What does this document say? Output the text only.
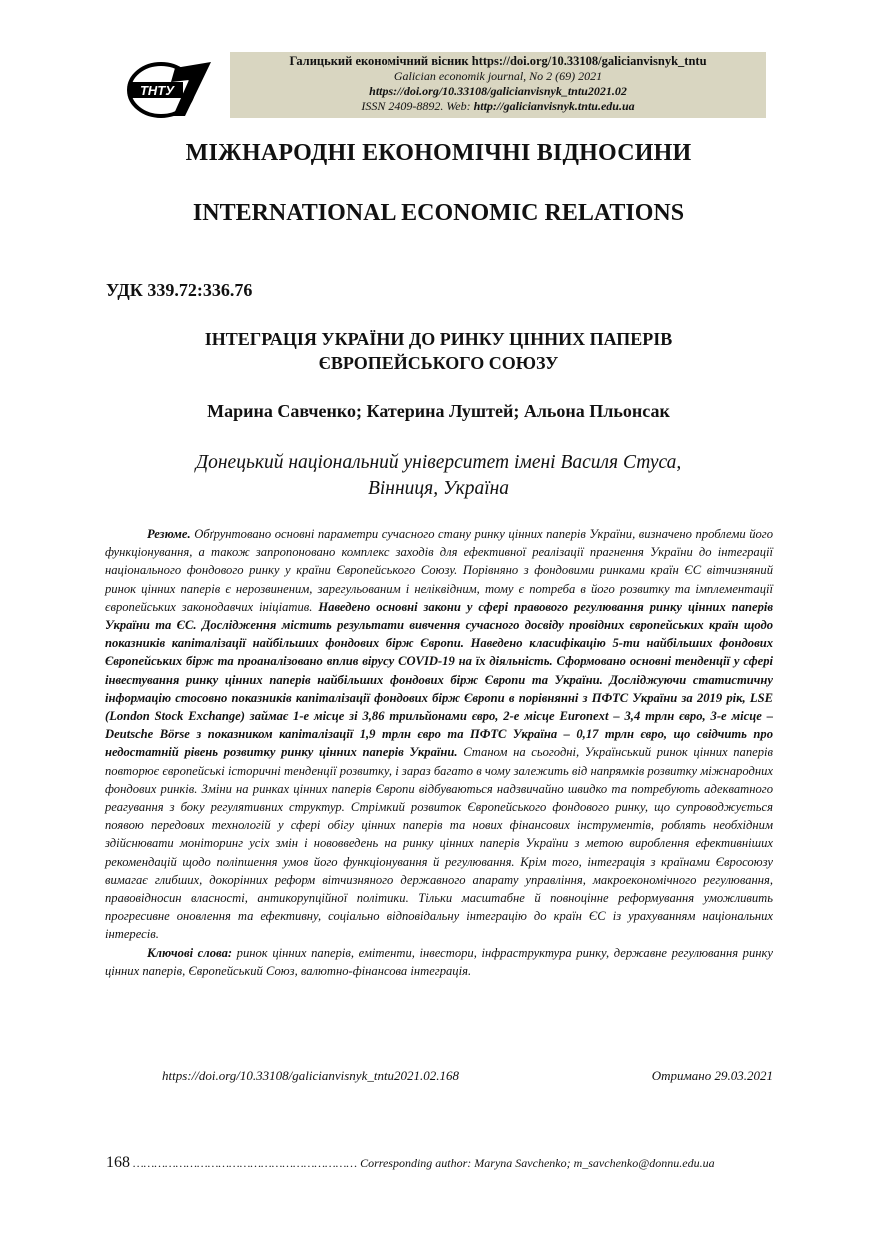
ТНТУ
Галицький економічний вісник https://doi.org/10.33108/galicianvisnyk_tntu
Galician economik journal, No 2 (69) 2021
https://doi.org/10.33108/galicianvisnyk_tntu2021.02
ISSN 2409-8892. Web: http://galicianvisnyk.tntu.edu.ua
МІЖНАРОДНІ ЕКОНОМІЧНІ ВІДНОСИНИ
INTERNATIONAL ECONOMIC RELATIONS
УДК 339.72:336.76
ІНТЕГРАЦІЯ УКРАЇНИ ДО РИНКУ ЦІННИХ ПАПЕРІВ
ЄВРОПЕЙСЬКОГО СОЮЗУ
Марина Савченко; Катерина Луштей; Альона Пльонсак
Донецький національний університет імені Василя Стуса,
Вінниця, Україна

Резюме. Обґрунтовано основні параметри сучасного стану ринку цінних паперів України, визначено проблеми його функціонування, а також запропоновано комплекс заходів для ефективної реалізації прагнення України до інтеграції національного фондового ринку у країни Європейського Союзу. Порівняно з фондовими ринками країн ЄС вітчизняний ринок цінних паперів є нерозвиненим, зарегульованим і неліквідним, тому є потреба в його розвитку та імплементації європейських законодавчих ініціатив. Наведено основні закони у сфері правового регулювання ринку цінних паперів України та ЄС. Дослідження містить результати вивчення сучасного досвіду провідних європейських країн щодо показників капіталізації найбільших фондових бірж Європи. Наведено класифікацію 5-ти найбільших фондових Європейських бірж та проаналізовано вплив вірусу COVID-19 на їх діяльність. Сформовано основні тенденції у сфері інвестування ринку цінних паперів найбільших фондових бірж Європи та України. Досліджуючи статистичну інформацію стосовно показників капіталізації фондових бірж Європи в порівнянні з ПФТС України за 2019 рік, LSE (London Stock Exchange) займає 1-е місце зі 3,86 трильйонами євро, 2-е місце Euronext – 3,4 трлн євро, 3-е місце – Deutsche Börse з показником капіталізації 1,9 трлн євро та ПФТС Україна – 0,17 трлн євро, що свідчить про недостатній рівень розвитку ринку цінних паперів України. Станом на сьогодні, Український ринок цінних паперів повторює європейські історичні тенденції розвитку, і зараз багато в чому залежить від напрямків розвитку міжнародних фондових ринків. Зміни на ринках цінних паперів Європи відбуваються надзвичайно швидко та потребують адекватного реагування з боку регулятивних структур. Стрімкий розвиток Європейського фондового ринку, що супроводжується появою передових технологій у сфері обігу цінних паперів та нових фінансових інструментів, роблять необхідним здійснювати моніторинг усіх змін і нововведень на ринку цінних паперів України з метою вироблення ефективніших рекомендацій щодо поліпшення умов його функціонування й регулювання. Крім того, інтеграція з країнами Євросоюзу вимагає глибших, докорінних реформ вітчизняного державного апарату управління, макроекономічного регулювання, правовідносин власності, антикорупційної політики. Тільки масштабне й повноцінне реформування уможливить прогресивне оновлення та ефективну, соціально відповідальну інтеграцію до країн ЄС із урахуванням національних інтересів.

Ключові слова: ринок цінних паперів, емітенти, інвестори, інфраструктура ринку, державне регулювання ринку цінних паперів, Європейський Союз, валютно-фінансова інтеграція.

https://doi.org/10.33108/galicianvisnyk_tntu2021.02.168	Отримано 29.03.2021
168 ……………………………………………………… Corresponding author: Maryna Savchenko; m_savchenko@donnu.edu.ua
